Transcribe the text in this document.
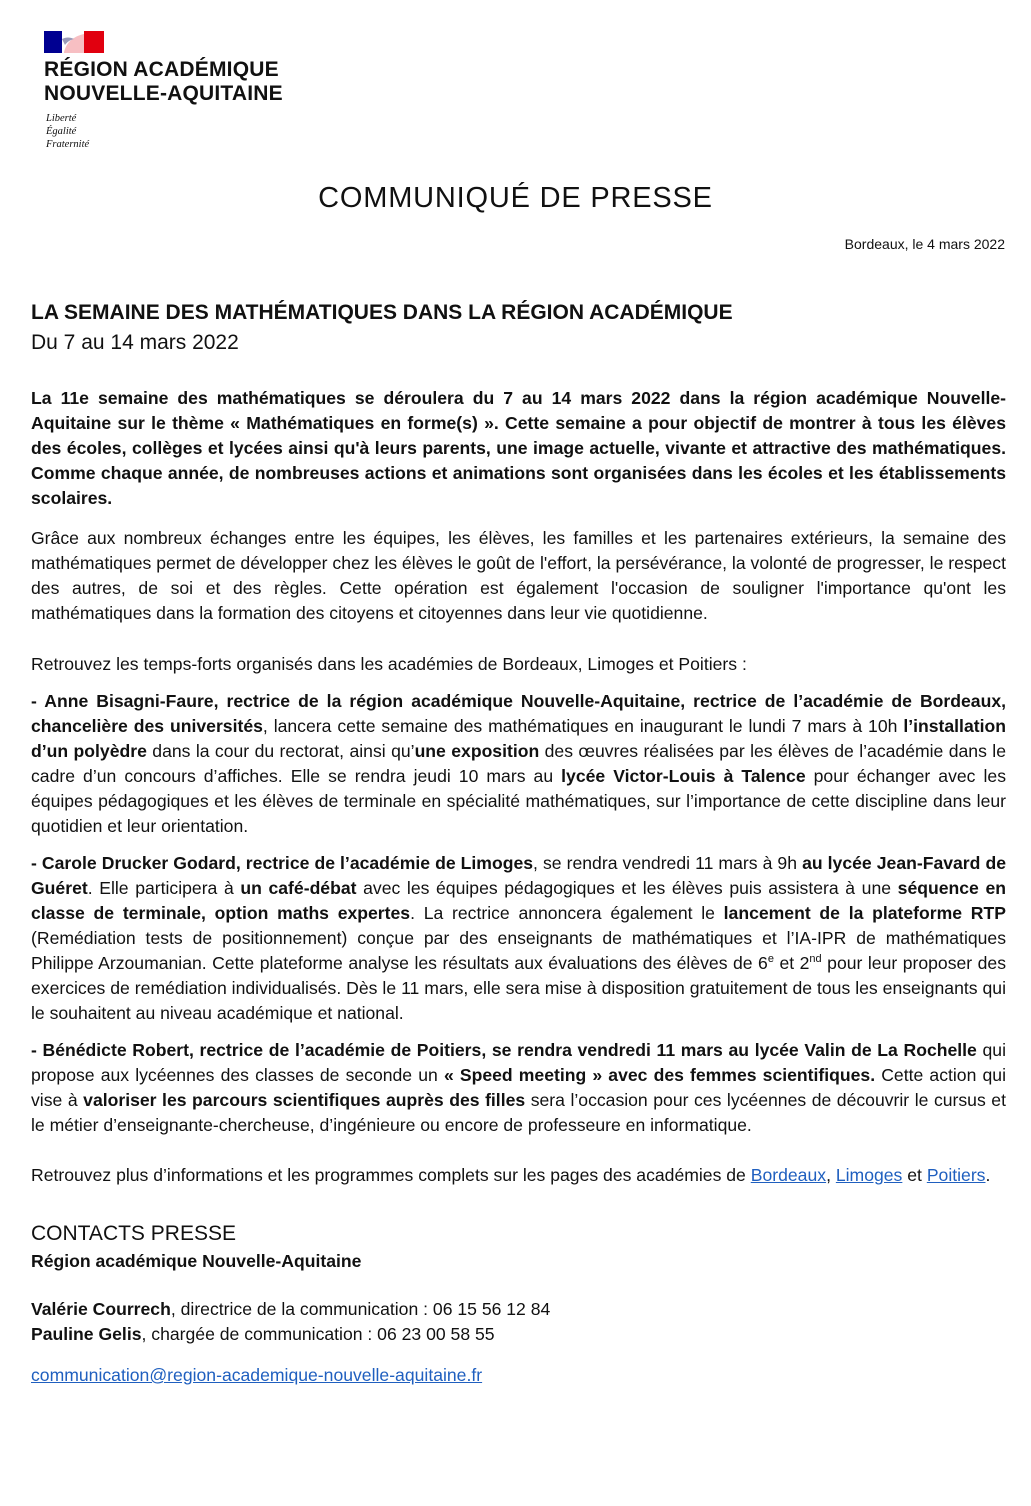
RÉGION ACADÉMIQUE
NOUVELLE-AQUITAINE
Liberté
Égalité
Fraternité
COMMUNIQUÉ DE PRESSE
Bordeaux, le 4 mars 2022
LA SEMAINE DES MATHÉMATIQUES DANS LA RÉGION ACADÉMIQUE
Du 7 au 14 mars 2022

La 11e semaine des mathématiques se déroulera du 7 au 14 mars 2022 dans la région académique Nouvelle-Aquitaine sur le thème « Mathématiques en forme(s) ». Cette semaine a pour objectif de montrer à tous les élèves des écoles, collèges et lycées ainsi qu'à leurs parents, une image actuelle, vivante et attractive des mathématiques. Comme chaque année, de nombreuses actions et animations sont organisées dans les écoles et les établissements scolaires.

Grâce aux nombreux échanges entre les équipes, les élèves, les familles et les partenaires extérieurs, la semaine des mathématiques permet de développer chez les élèves le goût de l'effort, la persévérance, la volonté de progresser, le respect des autres, de soi et des règles. Cette opération est également l'occasion de souligner l'importance qu'ont les mathématiques dans la formation des citoyens et citoyennes dans leur vie quotidienne.

Retrouvez les temps-forts organisés dans les académies de Bordeaux, Limoges et Poitiers :

- Anne Bisagni-Faure, rectrice de la région académique Nouvelle-Aquitaine, rectrice de l’académie de Bordeaux, chancelière des universités, lancera cette semaine des mathématiques en inaugurant le lundi 7 mars à 10h l’installation d’un polyèdre dans la cour du rectorat, ainsi qu’une exposition des œuvres réalisées par les élèves de l’académie dans le cadre d’un concours d’affiches. Elle se rendra jeudi 10 mars au lycée Victor-Louis à Talence pour échanger avec les équipes pédagogiques et les élèves de terminale en spécialité mathématiques, sur l’importance de cette discipline dans leur quotidien et leur orientation.

- Carole Drucker Godard, rectrice de l’académie de Limoges, se rendra vendredi 11 mars à 9h au lycée Jean-Favard de Guéret. Elle participera à un café-débat avec les équipes pédagogiques et les élèves puis assistera à une séquence en classe de terminale, option maths expertes. La rectrice annoncera également le lancement de la plateforme RTP (Remédiation tests de positionnement) conçue par des enseignants de mathématiques et l’IA-IPR de mathématiques Philippe Arzoumanian. Cette plateforme analyse les résultats aux évaluations des élèves de 6e et 2nd pour leur proposer des exercices de remédiation individualisés. Dès le 11 mars, elle sera mise à disposition gratuitement de tous les enseignants qui le souhaitent au niveau académique et national.

- Bénédicte Robert, rectrice de l’académie de Poitiers, se rendra vendredi 11 mars au lycée Valin de La Rochelle qui propose aux lycéennes des classes de seconde un « Speed meeting » avec des femmes scientifiques. Cette action qui vise à valoriser les parcours scientifiques auprès des filles sera l’occasion pour ces lycéennes de découvrir le cursus et le métier d’enseignante-chercheuse, d’ingénieure ou encore de professeure en informatique.

Retrouvez plus d’informations et les programmes complets sur les pages des académies de Bordeaux, Limoges et Poitiers.

CONTACTS PRESSE
Région académique Nouvelle-Aquitaine
Valérie Courrech, directrice de la communication : 06 15 56 12 84
Pauline Gelis, chargée de communication : 06 23 00 58 55
communication@region-academique-nouvelle-aquitaine.fr
